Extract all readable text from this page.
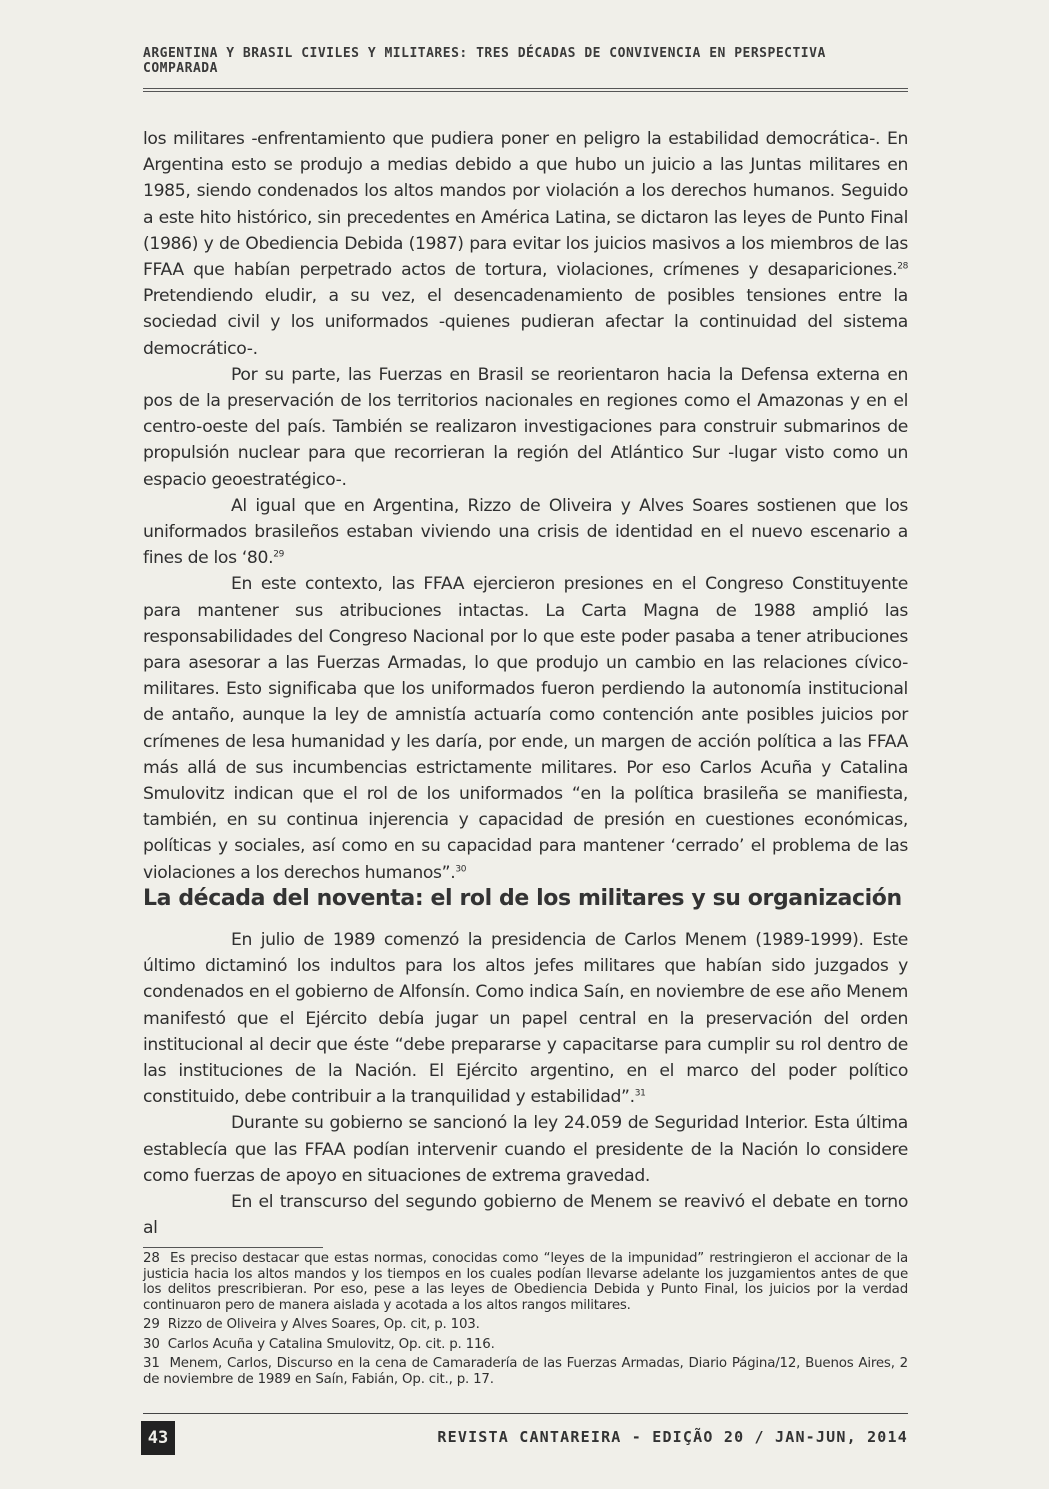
ARGENTINA Y BRASIL CIVILES Y MILITARES: TRES DÉCADAS DE CONVIVENCIA EN PERSPECTIVA COMPARADA

los militares -enfrentamiento que pudiera poner en peligro la estabilidad democrática-. En Argentina esto se produjo a medias debido a que hubo un juicio a las Juntas militares en 1985, siendo condenados los altos mandos por violación a los derechos humanos. Seguido a este hito histórico, sin precedentes en América Latina, se dictaron las leyes de Punto Final (1986) y de Obediencia Debida (1987) para evitar los juicios masivos a los miembros de las FFAA que habían perpetrado actos de tortura, violaciones, crímenes y desapariciones.$^{28}$ Pretendiendo eludir, a su vez, el desencadenamiento de posibles tensiones entre la sociedad civil y los uniformados -quienes pudieran afectar la continuidad del sistema democrático-.

Por su parte, las Fuerzas en Brasil se reorientaron hacia la Defensa externa en pos de la preservación de los territorios nacionales en regiones como el Amazonas y en el centro-oeste del país. También se realizaron investigaciones para construir submarinos de propulsión nuclear para que recorrieran la región del Atlántico Sur -lugar visto como un espacio geoestratégico-.

Al igual que en Argentina, Rizzo de Oliveira y Alves Soares sostienen que los uniformados brasileños estaban viviendo una crisis de identidad en el nuevo escenario a fines de los ‘80.29

En este contexto, las FFAA ejercieron presiones en el Congreso Constituyente para mantener sus atribuciones intactas. La Carta Magna de 1988 amplió las responsabilidades del Congreso Nacional por lo que este poder pasaba a tener atribuciones para asesorar a las Fuerzas Armadas, lo que produjo un cambio en las relaciones cívico-militares. Esto significaba que los uniformados fueron perdiendo la autonomía institucional de antaño, aunque la ley de amnistía actuaría como contención ante posibles juicios por crímenes de lesa humanidad y les daría, por ende, un margen de acción política a las FFAA más allá de sus incumbencias estrictamente militares. Por eso Carlos Acuña y Catalina Smulovitz indican que el rol de los uniformados “en la política brasileña se manifiesta, también, en su continua injerencia y capacidad de presión en cuestiones económicas, políticas y sociales, así como en su capacidad para mantener ‘cerrado’ el problema de las violaciones a los derechos humanos”.$^{30}$

La década del noventa: el rol de los militares y su organización

En julio de 1989 comenzó la presidencia de Carlos Menem (1989-1999). Este último dictaminó los indultos para los altos jefes militares que habían sido juzgados y condenados en el gobierno de Alfonsín. Como indica Saín, en noviembre de ese año Menem manifestó que el Ejército debía jugar un papel central en la preservación del orden institucional al decir que éste “debe prepararse y capacitarse para cumplir su rol dentro de las instituciones de la Nación. El Ejército argentino, en el marco del poder político constituido, debe contribuir a la tranquilidad y estabilidad”.$^{31}$

Durante su gobierno se sancionó la ley 24.059 de Seguridad Interior. Esta última establecía que las FFAA podían intervenir cuando el presidente de la Nación lo considere como fuerzas de apoyo en situaciones de extrema gravedad.

En el transcurso del segundo gobierno de Menem se reavivó el debate en torno al

28 Es preciso destacar que estas normas, conocidas como “leyes de la impunidad” restringieron el accionar de la justicia hacia los altos mandos y los tiempos en los cuales podían llevarse adelante los juzgamientos antes de que los delitos prescribieran. Por eso, pese a las leyes de Obediencia Debida y Punto Final, los juicios por la verdad continuaron pero de manera aislada y acotada a los altos rangos militares.

29 Rizzo de Oliveira y Alves Soares, Op. cit, p. 103.

30 Carlos Acuña y Catalina Smulovitz, Op. cit. p. 116.

31 Menem, Carlos, Discurso en la cena de Camaradería de las Fuerzas Armadas, Diario Página/12, Buenos Aires, 2 de noviembre de 1989 en Saín, Fabián, Op. cit., p. 17.

43	REVISTA CANTAREIRA - EDIÇÃO 20 / JAN-JUN, 2014
